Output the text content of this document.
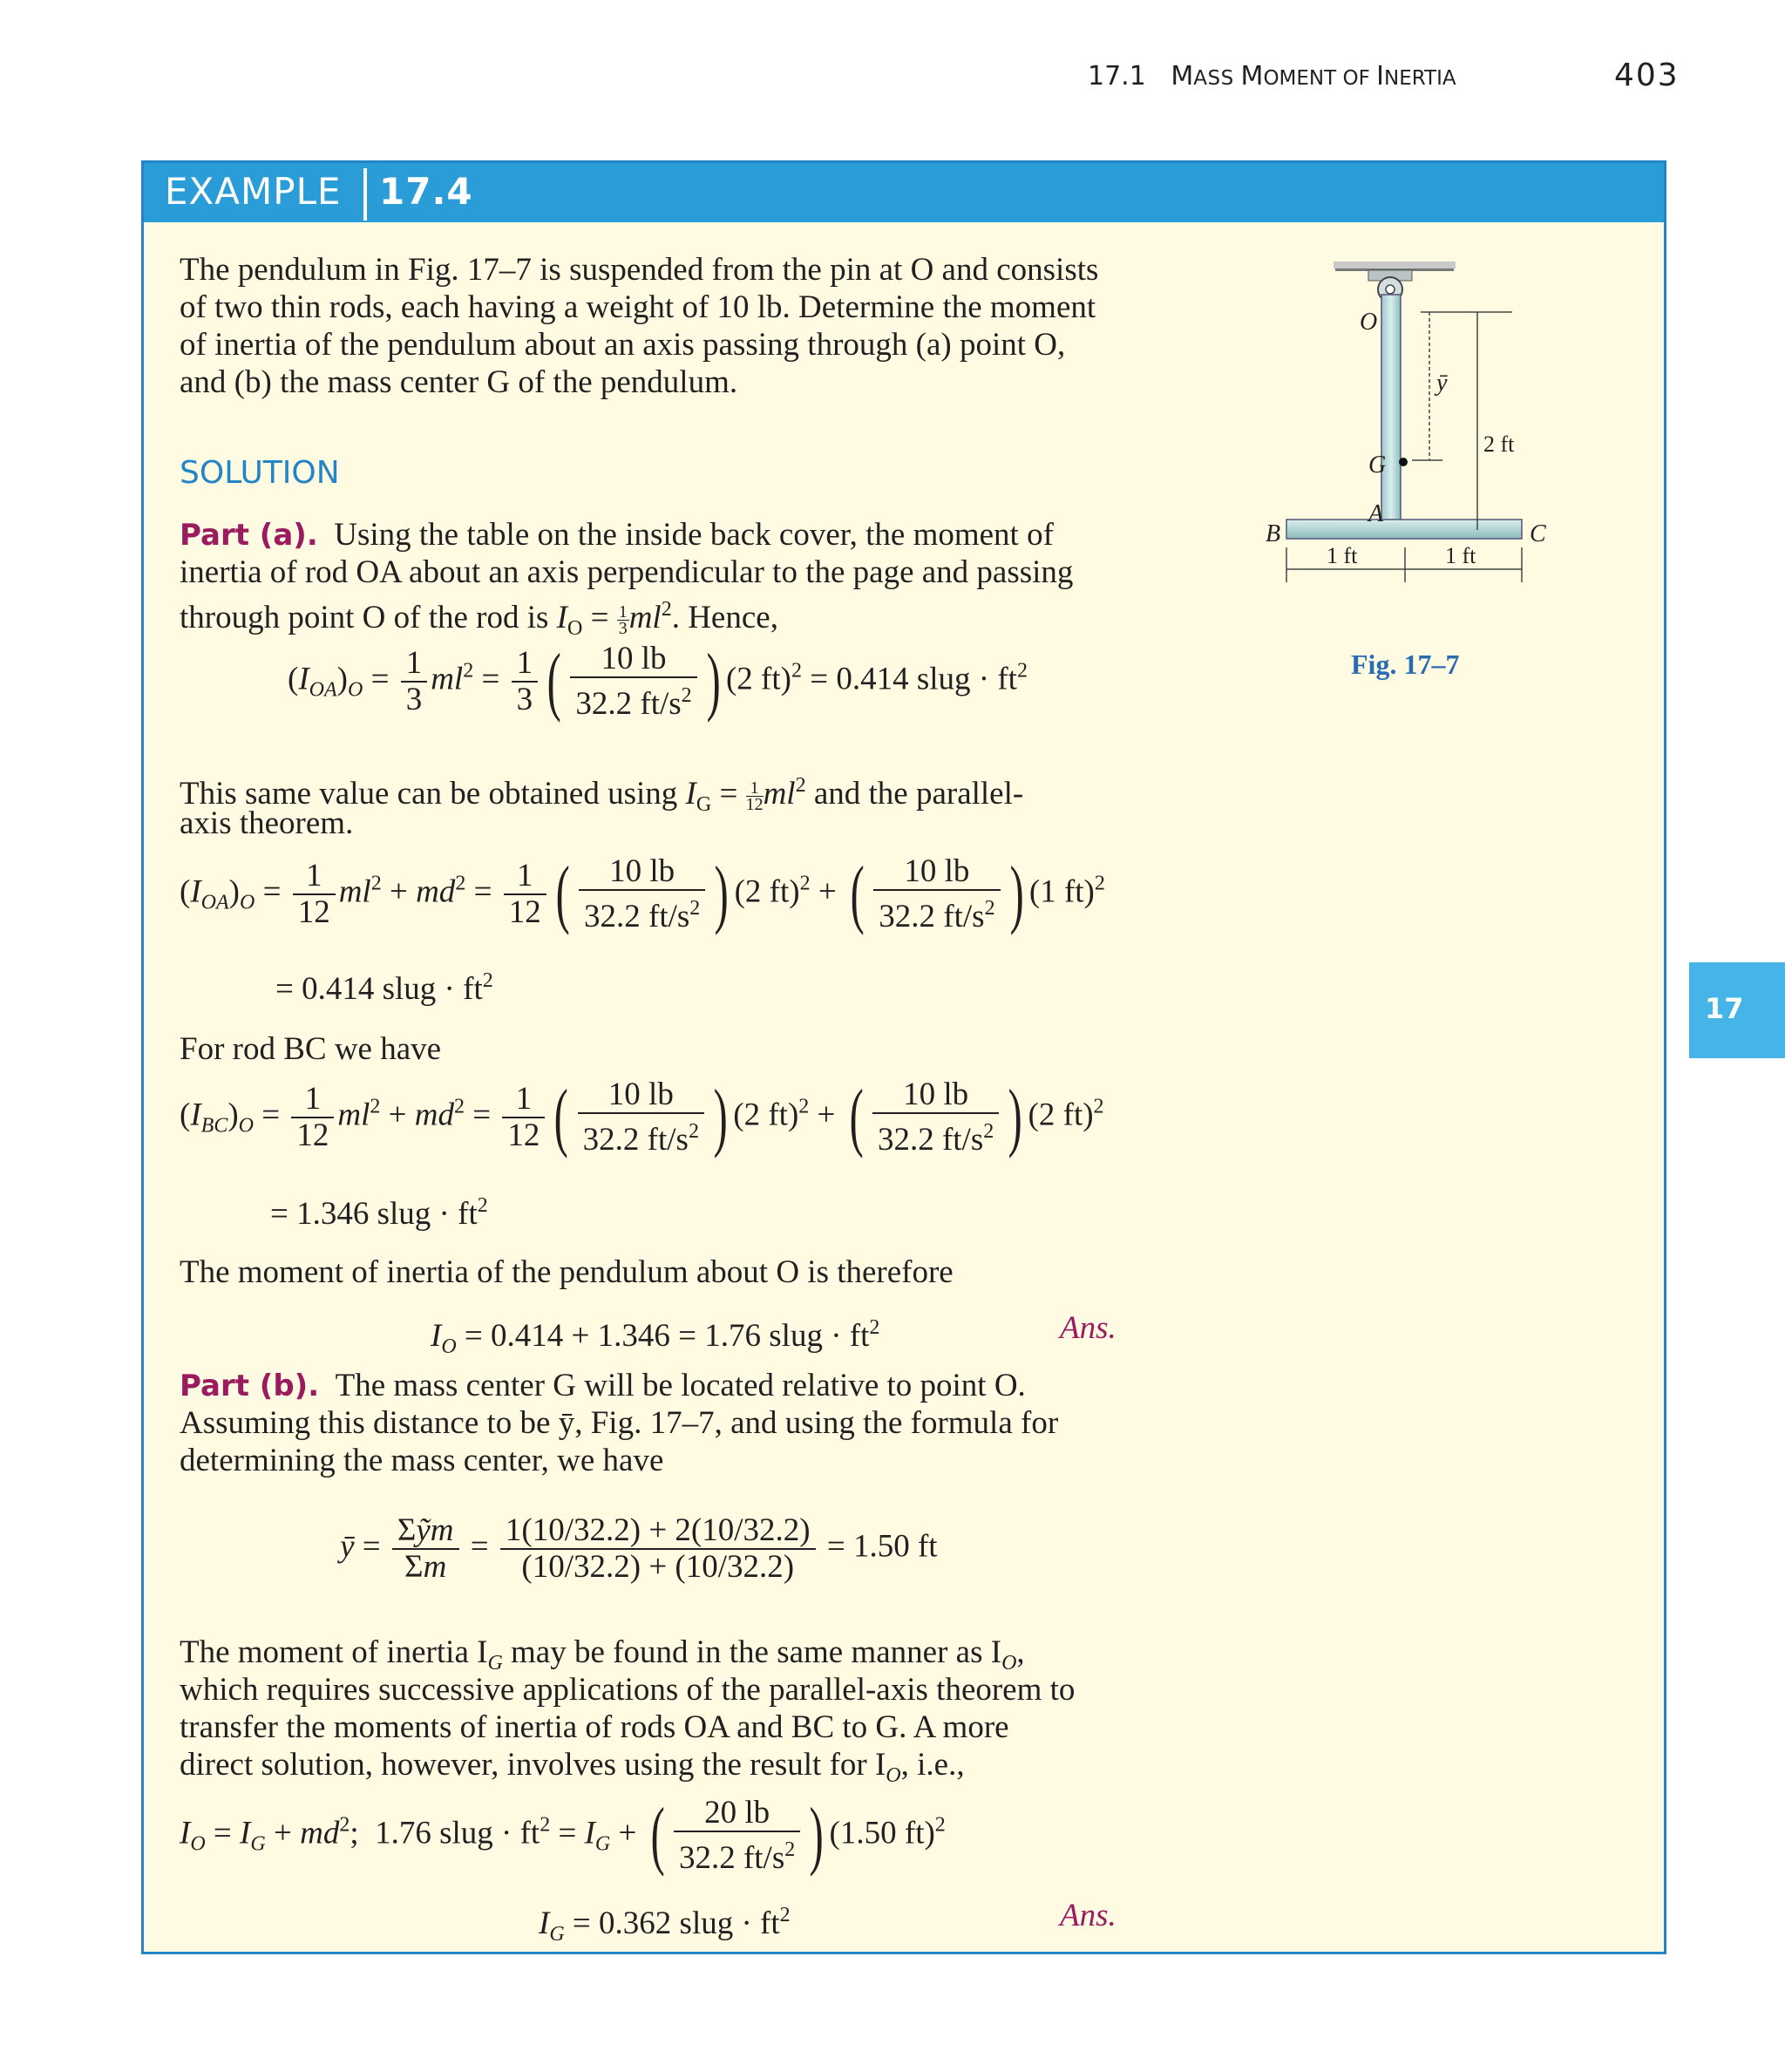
17.1 MASS MOMENT OF INERTIA	403
EXAMPLE 17.4
The pendulum in Fig. 17–7 is suspended from the pin at O and consists
of two thin rods, each having a weight of 10 lb. Determine the moment
of inertia of the pendulum about an axis passing through (a) point O,
and (b) the mass center G of the pendulum.
SOLUTION
Part (a). Using the table on the inside back cover, the moment of
inertia of rod OA about an axis perpendicular to the page and passing
through point O of the rod is $I_O = \frac{1}{3} ml^2$. Hence,
$(I_{OA})_O = \frac{1}{3} ml^2 = \frac{1}{3}$ ( $\frac{10 lb}{32.2 ft/s^2}$ ) (2 ft)$^2$ = 0.414 slug · $ft^2$
This same value can be obtained using $I_G = \frac{1}{12} ml^2$ and the parallel-
axis theorem.
$(I_{OA})_O = \frac{1}{12} ml^2 + md^2 = \frac{1}{12}$ ( $\frac{10 lb}{32.2 ft/s^2}$ ) (2 ft)$^2$ + ( $\frac{10 lb}{32.2 ft/s^2}$ ) (1 ft)$^2$
= 0.414 slug · $ft^2$
For rod BC we have
$(I_{BC})_O = \frac{1}{12} ml^2 + md^2 = \frac{1}{12}$ ( $\frac{10 lb}{32.2 ft/s^2}$ ) (2 ft)$^2$ + ( $\frac{10 lb}{32.2 ft/s^2}$ ) (2 ft)$^2$
= 1.346 slug · $ft^2$
The moment of inertia of the pendulum about O is therefore
$I_O = 0.414 + 1.346 = 1.76$ slug · $ft^2$	Ans.
Part (b). The mass center G will be located relative to point O.
Assuming this distance to be ȳ, Fig. 17–7, and using the formula for
determining the mass center, we have
ȳ = $\frac{\text{Σỹm}}{\Sigma m} = \frac{1(10/32.2) + 2(10/32.2)}{(10/32.2) + (10/32.2)} = 1.50$ ft
The moment of inertia $I_G$ may be found in the same manner as $I_O$,
which requires successive applications of the parallel-axis theorem to
transfer the moments of inertia of rods OA and BC to G. A more
direct solution, however, involves using the result for $I_O$, i.e.,
$I_O = I_G + md^2$;  1.76 slug · $ft^2 = I_G$ + ( $\frac{20 lb}{32.2 ft/s^2}$ ) (1.50 ft)$^2$
$I_G = 0.362$ slug · $ft^2$	Ans.
O
G
A
B	C
ȳ
2 ft
1 ft	1 ft
Fig. 17–7
17
